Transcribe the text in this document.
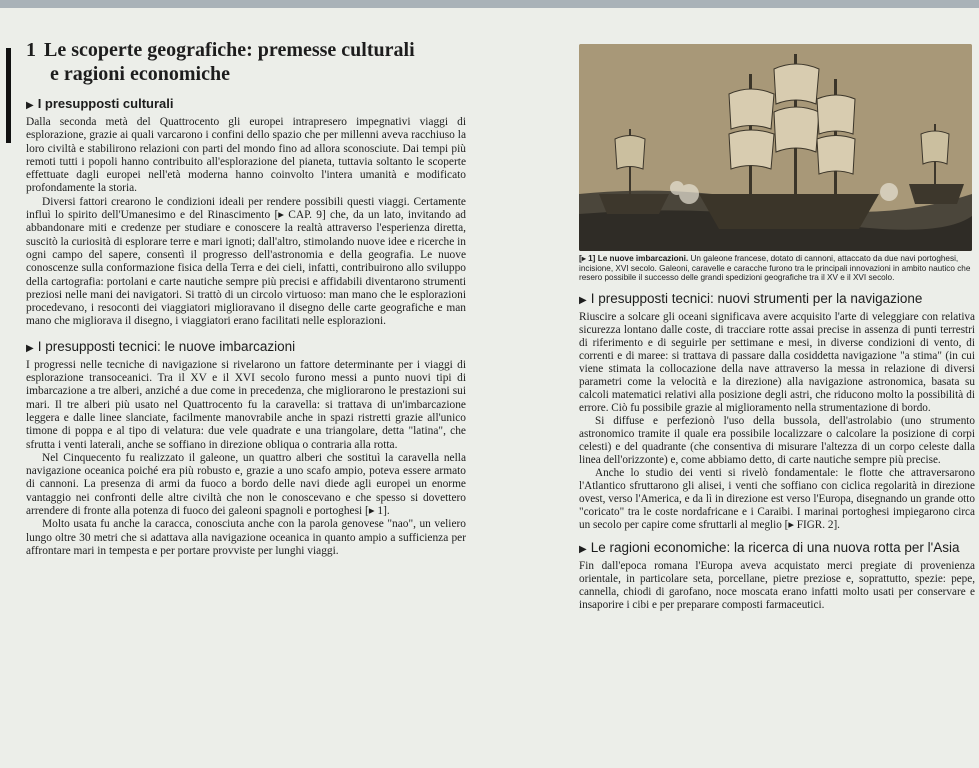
1 Le scoperte geografiche: premesse culturali
e ragioni economiche
▶ I presupposti culturali

Dalla seconda metà del Quattrocento gli europei intrapresero impegnativi viaggi di esplorazione, grazie ai quali varcarono i confini dello spazio che per millenni aveva racchiuso la loro civiltà e stabilirono relazioni con parti del mondo fino ad allora sconosciute. Dai tempi più remoti tutti i popoli hanno contribuito all'esplorazione del pianeta, tuttavia soltanto le scoperte effettuate dagli europei nell'età moderna hanno coinvolto l'intera umanità e modificato profondamente la storia.

Diversi fattori crearono le condizioni ideali per rendere possibili questi viaggi. Certamente influì lo spirito dell'Umanesimo e del Rinascimento [▸ CAP. 9] che, da un lato, invitando ad abbandonare miti e credenze per studiare e conoscere la realtà attraverso l'esperienza diretta, suscitò la curiosità di esplorare terre e mari ignoti; dall'altro, stimolando nuove idee e ricerche in ogni campo del sapere, consentì il progresso dell'astronomia e della geografia. Le nuove conoscenze sulla conformazione fisica della Terra e dei cieli, infatti, contribuirono allo sviluppo della cartografia: portolani e carte nautiche sempre più precisi e affidabili diventarono strumenti preziosi nelle mani dei navigatori. Si trattò di un circolo virtuoso: man mano che le esplorazioni procedevano, i resoconti dei viaggiatori miglioravano il disegno delle carte geografiche e man mano che migliorava il disegno, i viaggiatori erano facilitati nelle esplorazioni.

▶ I presupposti tecnici: le nuove imbarcazioni

I progressi nelle tecniche di navigazione si rivelarono un fattore determinante per i viaggi di esplorazione transoceanici. Tra il XV e il XVI secolo furono messi a punto nuovi tipi di imbarcazione a tre alberi, anziché a due come in precedenza, che migliorarono le prestazioni sui mari. Il tre alberi più usato nel Quattrocento fu la caravella: si trattava di un'imbarcazione leggera e dalle linee slanciate, facilmente manovrabile anche in spazi ristretti grazie all'unico timone di poppa e al tipo di velatura: due vele quadrate e una triangolare, detta "latina", che sfrutta i venti laterali, anche se soffiano in direzione obliqua o contraria alla rotta.

Nel Cinquecento fu realizzato il galeone, un quattro alberi che sostituì la caravella nella navigazione oceanica poiché era più robusto e, grazie a uno scafo ampio, poteva essere armato di cannoni. La presenza di armi da fuoco a bordo delle navi diede agli europei un enorme vantaggio nei confronti delle altre civiltà che non le conoscevano e che spesso si dovettero arrendere di fronte alla potenza di fuoco dei galeoni spagnoli e portoghesi [▸ 1].

Molto usata fu anche la caracca, conosciuta anche con la parola genovese "nao", un veliero lungo oltre 30 metri che si adattava alla navigazione oceanica in quanto ampio a sufficienza per affrontare mari in tempesta e per portare provviste per lunghi viaggi.

[▸ 1] Le nuove imbarcazioni. Un galeone francese, dotato di cannoni, attaccato da due navi portoghesi, incisione, XVI secolo. Galeoni, caravelle e caracche furono tra le principali innovazioni in ambito nautico che resero possibile il successo delle grandi spedizioni geografiche tra il XV e il XVI secolo.
▶ I presupposti tecnici: nuovi strumenti per la navigazione

Riuscire a solcare gli oceani significava avere acquisito l'arte di veleggiare con relativa sicurezza lontano dalle coste, di tracciare rotte assai precise in assenza di punti terrestri di riferimento e di seguirle per settimane e mesi, in diverse condizioni di vento, di correnti e di maree: si trattava di passare dalla cosiddetta navigazione "a stima" (in cui viene stimata la collocazione della nave attraverso la messa in relazione di diversi parametri come la velocità e la direzione) alla navigazione astronomica, basata su calcoli matematici relativi alla posizione degli astri, che riducono molto la possibilità di errore. Ciò fu possibile grazie al miglioramento nella strumentazione di bordo.

Si diffuse e perfezionò l'uso della bussola, dell'astrolabio (uno strumento astronomico tramite il quale era possibile localizzare o calcolare la posizione di corpi celesti) e del quadrante (che consentiva di misurare l'altezza di un corpo celeste dalla linea dell'orizzonte) e, come abbiamo detto, di carte nautiche sempre più precise.

Anche lo studio dei venti si rivelò fondamentale: le flotte che attraversarono l'Atlantico sfruttarono gli alisei, i venti che soffiano con ciclica regolarità in direzione ovest, verso l'America, e da lì in direzione est verso l'Europa, disegnando un grande otto "coricato" tra le coste nordafricane e i Caraibi. I marinai portoghesi impiegarono circa un secolo per capire come sfruttarli al meglio [▸ FIGR. 2].

▶ Le ragioni economiche: la ricerca di una nuova rotta per l'Asia

Fin dall'epoca romana l'Europa aveva acquistato merci pregiate di provenienza orientale, in particolare seta, porcellane, pietre preziose e, soprattutto, spezie: pepe, cannella, chiodi di garofano, noce moscata erano infatti molto usati per conservare e insaporire i cibi e per preparare composti farmaceutici.
